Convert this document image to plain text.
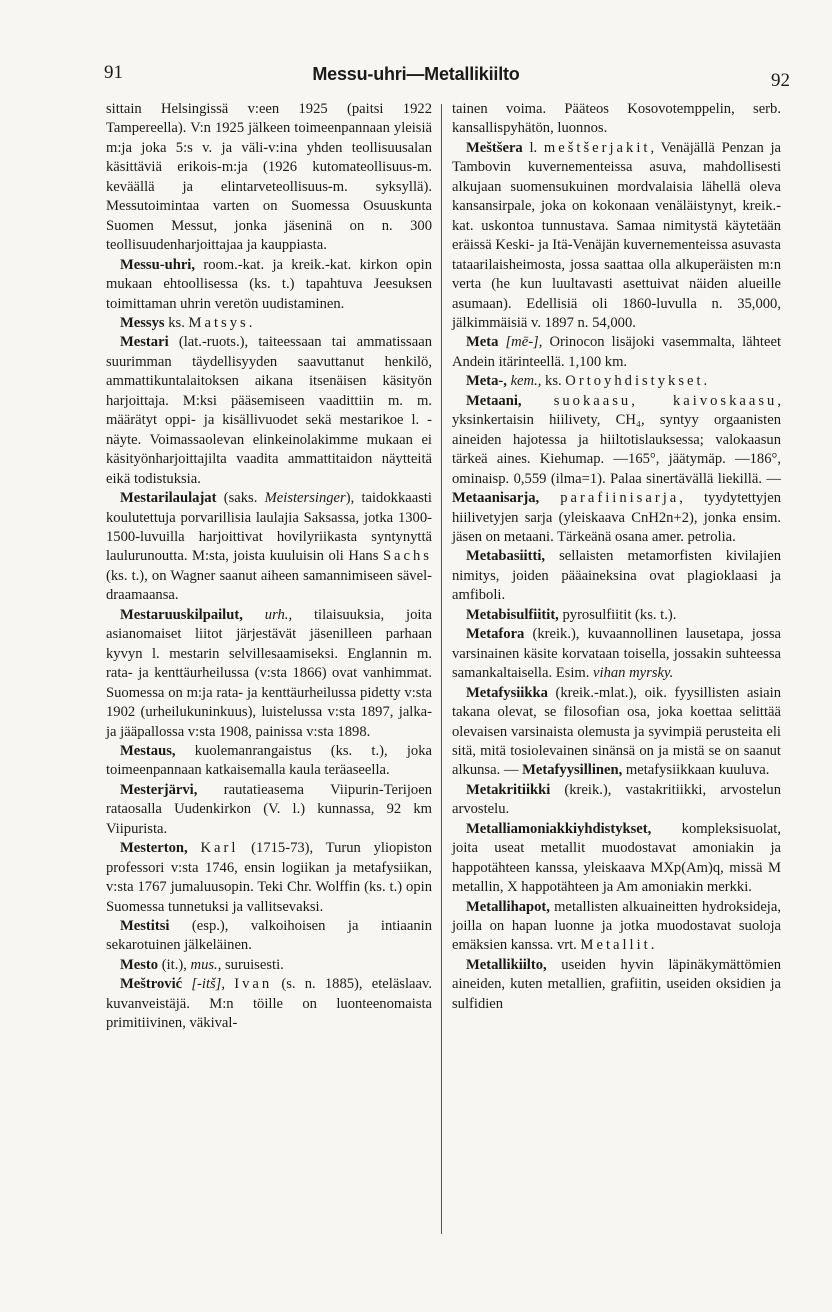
91	Messu-uhri—Metallikiilto	92

sittain Helsingissä v:een 1925 (paitsi 1922 Tampereella). V:n 1925 jälkeen toimeenpannaan yleisiä m:ja joka 5:s v. ja väli-v:ina yhden teollisuusalan käsittäviä erikois-m:ja (1926 kutomateollisuus-m. keväällä ja elintarveteollisuus-m. syksyllä). Messutoimintaa varten on Suomessa Osuuskunta Suomen Messut, jonka jäseninä on n. 300 teollisuudenharjoittajaa ja kauppiasta.

Messu-uhri, room.-kat. ja kreik.-kat. kirkon opin mukaan ehtoollisessa (ks. t.) tapahtuva Jeesuksen toimittaman uhrin veretön uudistaminen.

Messys ks. Matsys.

Mestari (lat.-ruots.), taiteessaan tai ammatissaan suurimman täydellisyyden saavuttanut henkilö, ammattikuntalaitoksen aikana itsenäisen käsityön harjoittaja. M:ksi pääsemiseen vaadittiin m. m. määrätyt oppi- ja kisällivuodet sekä mestarikoe l. -näyte. Voimassaolevan elinkeinolakimme mukaan ei käsityönharjoittajilta vaadita ammattitaidon näytteitä eikä todistuksia.

Mestarilaulajat (saks. Meistersinger), taidokkaasti koulutettuja porvarillisia laulajia Saksassa, jotka 1300-1500-luvuilla harjoittivat hovilyriikasta syntynyttä laulurunoutta. M:sta, joista kuuluisin oli Hans Sachs (ks. t.), on Wagner saanut aiheen samannimiseen sävel-draamaansa.

Mestaruuskilpailut, urh., tilaisuuksia, joita asianomaiset liitot järjestävät jäsenilleen parhaan kyvyn l. mestarin selvillesaamiseksi. Englannin m. rata- ja kenttäurheilussa (v:sta 1866) ovat vanhimmat. Suomessa on m:ja rata- ja kenttäurheilussa pidetty v:sta 1902 (urheilukuninkuus), luistelussa v:sta 1897, jalka- ja jääpallossa v:sta 1908, painissa v:sta 1898.

Mestaus, kuolemanrangaistus (ks. t.), joka toimeenpannaan katkaisemalla kaula teräaseella.

Mesterjärvi, rautatieasema Viipurin-Terijoen rataosalla Uudenkirkon (V. l.) kunnassa, 92 km Viipurista.

Mesterton, Karl (1715-73), Turun yliopiston professori v:sta 1746, ensin logiikan ja metafysiikan, v:sta 1767 jumaluusopin. Teki Chr. Wolffin (ks. t.) opin Suomessa tunnetuksi ja vallitsevaksi.

Mestitsi (esp.), valkoihoisen ja intiaanin sekarotuinen jälkeläinen.

Mesto (it.), mus., suruisesti.

Meštrović [-itš], Ivan (s. n. 1885), eteläslaav. kuvanveistäjä. M:n töille on luonteenomaista primitiivinen, väkival-

tainen voima. Pääteos Kosovotemppelin, serb. kansallispyhätön, luonnos.

Meštšera l. meštšerjakit, Venäjällä Penzan ja Tambovin kuvernementeissa asuva, mahdollisesti alkujaan suomensukuinen mordvalaisia lähellä oleva kansansirpale, joka on kokonaan venäläistynyt, kreik.-kat. uskontoa tunnustava. Samaa nimitystä käytetään eräissä Keski- ja Itä-Venäjän kuvernementeissa asuvasta tataarilaisheimosta, jossa saattaa olla alkuperäisten m:n verta (he kun luultavasti asettuivat näiden alueille asumaan). Edellisiä oli 1860-luvulla n. 35,000, jälkimmäisiä v. 1897 n. 54,000.

Meta [mē-], Orinocon lisäjoki vasemmalta, lähteet Andein itärinteellä. 1,100 km.

Meta-, kem., ks. Ortoyhdistykset.

Metaani, suokaasu, kaivoskaasu, yksinkertaisin hiilivety, CH₄, syntyy orgaanisten aineiden hajotessa ja hiiltotislauksessa; valokaasun tärkeä aines. Kiehumap. —165°, jäätymäp. —186°, ominaisp. 0,559 (ilma=1). Palaa sinertävällä liekillä. — Metaanisarja, parafiinisarja, tyydytettyjen hiilivetyjen sarja (yleiskaava CnH2n+2), jonka ensim. jäsen on metaani. Tärkeänä osana amer. petrolia.

Metabasiitti, sellaisten metamorfisten kivilajien nimitys, joiden pääaineksina ovat plagioklaasi ja amfiboli.

Metabisulfiitit, pyrosulfiitit (ks. t.).

Metafora (kreik.), kuvaannollinen lausetapa, jossa varsinainen käsite korvataan toisella, jossakin suhteessa samankaltaisella. Esim. vihan myrsky.

Metafysiikka (kreik.-mlat.), oik. fyysillisten asiain takana olevat, se filosofian osa, joka koettaa selittää olevaisen varsinaista olemusta ja syvimpiä perusteita eli sitä, mitä tosiolevainen sinänsä on ja mistä se on saanut alkunsa. — Metafyysillinen, metafysiikkaan kuuluva.

Metakritiikki (kreik.), vastakritiikki, arvostelun arvostelu.

Metalliamoniakkiyhdistykset, kompleksisuolat, joita useat metallit muodostavat amoniakin ja happotähteen kanssa, yleiskaava MXp(Am)q, missä M metallin, X happotähteen ja Am amoniakin merkki.

Metallihapot, metallisten alkuaineitten hydroksideja, joilla on hapan luonne ja jotka muodostavat suoloja emäksien kanssa. vrt. Metallit.

Metallikiilto, useiden hyvin läpinäkymättömien aineiden, kuten metallien, grafiitin, useiden oksidien ja sulfidien
